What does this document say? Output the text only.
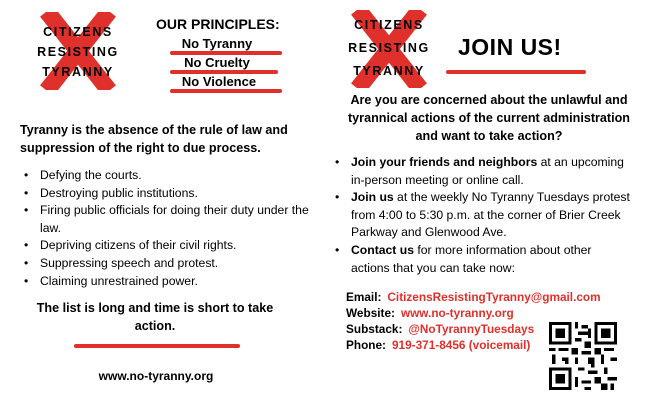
CITIZENS
RESISTING
TYRANNY
OUR PRINCIPLES:
No Tyranny
No Cruelty
No Violence
Tyranny is the absence of the rule of law and suppression of the right to due process.
• Defying the courts.
• Destroying public institutions.
• Firing public officials for doing their duty under the law.
• Depriving citizens of their civil rights.
• Suppressing speech and protest.
• Claiming unrestrained power.
The list is long and time is short to take action.
www.no-tyranny.org
CITIZENS
RESISTING
TYRANNY
JOIN US!
Are you are concerned about the unlawful and tyrannical actions of the current administration and want to take action?
• Join your friends and neighbors at an upcoming in-person meeting or online call.
• Join us at the weekly No Tyranny Tuesdays protest from 4:00 to 5:30 p.m. at the corner of Brier Creek Parkway and Glenwood Ave.
• Contact us for more information about other actions that you can take now:
Email: CitizensResistingTyranny@gmail.com
Website: www.no-tyranny.org
Substack: @NoTyrannyTuesdays
Phone: 919-371-8456 (voicemail)
